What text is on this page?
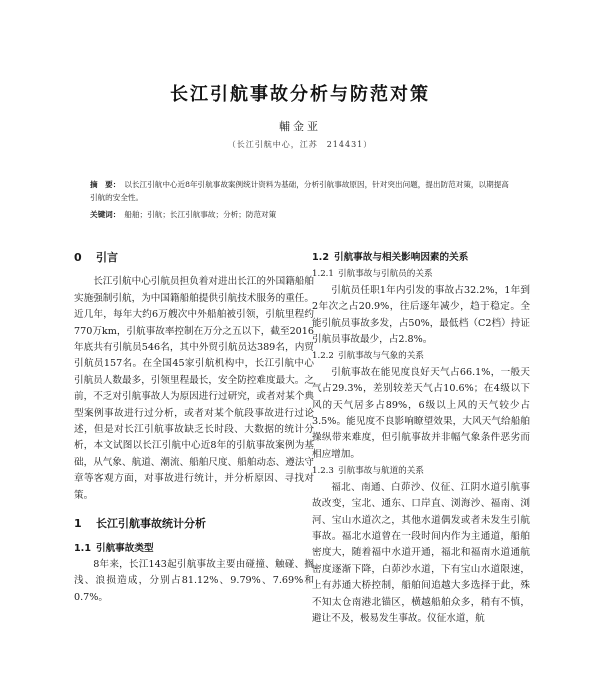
长江引航事故分析与防范对策
輔金亚
（长江引航中心，江苏　214431）

摘　要： 以长江引航中心近8年引航事故案例统计资料为基础，分析引航事故原因，针对突出问题，提出防范对策，以期提高引航的安全性。

关键词： 船舶；引航；长江引航事故；分析；防范对策

0 引言

长江引航中心引航员担负着对进出长江的外国籍船舶实施强制引航，为中国籍船舶提供引航技术服务的重任。近几年，每年大约6万艘次中外船舶被引领，引航里程约770万km，引航事故率控制在万分之五以下，截至2016年底共有引航员546名，其中外贸引航员达389名，内贸引航员157名。在全国45家引航机构中，长江引航中心引航员人数最多，引领里程最长，安全防控难度最大。之前，不乏对引航事故人为原因进行过研究，或者对某个典型案例事故进行过分析，或者对某个航段事故进行过论述，但是对长江引航事故缺乏长时段、大数据的统计分析，本文试图以长江引航中心近8年的引航事故案例为基础，从气象、航道、潮流、船舶尺度、船舶动态、遵法守章等客观方面，对事故进行统计，并分析原因、寻找对策。

1 长江引航事故统计分析

1.1 引航事故类型

8年来，长江143起引航事故主要由碰撞、触碰、搁浅、浪损造成，分别占81.12%、9.79%、7.69%和0.7%。

1.2 引航事故与相关影响因素的关系

1.2.1 引航事故与引航员的关系

引航员任职1年内引发的事故占32.2%，1年到2年次之占20.9%，往后逐年减少，趋于稳定。全能引航员事故多发，占50%，最低档（C2档）持证引航员事故最少，占2.8%。

1.2.2 引航事故与气象的关系

引航事故在能见度良好天气占66.1%，一般天气占29.3%，差别较差天气占10.6%；在4级以下风的天气居多占89%，6级以上风的天气较少占3.5%。能见度不良影响瞭望效果，大风天气给船舶操纵带来难度，但引航事故并非幅气象条件恶劣而相应增加。

1.2.3 引航事故与航道的关系

福北、南通、白茆沙、仪征、江阴水道引航事故改变，宝北、通东、口岸直、浏海沙、福南、浏河、宝山水道次之，其他水道偶发或者未发生引航事故。福北水道曾在一段时间内作为主通道，船舶密度大，随着福中水道开通，福北和福南水道通航密度逐渐下降，白茆沙水道，下有宝山水道限速，上有苏通大桥控制，船舶间追越大多选择于此，殊不知太仓南港北锚区，横越船舶众多，稍有不慎，避让不及，极易发生事故。仪征水道，航
